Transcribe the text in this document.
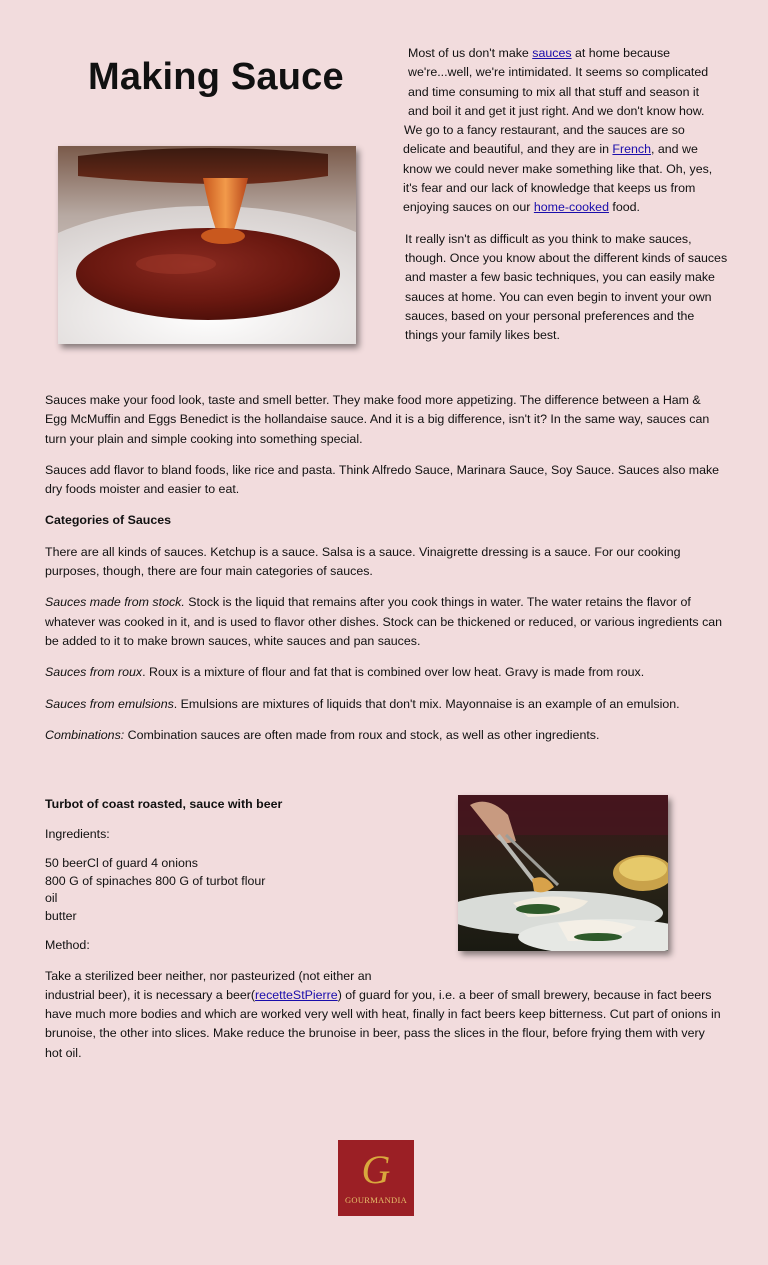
Making Sauce

Most of us don't make sauces at home because
we're...well, we're intimidated. It seems so complicated
and time consuming to mix all that stuff and season it
and boil it and get it just right. And we don't know how.
We go to a fancy restaurant, and the sauces are so
delicate and beautiful, and they are in French, and we
know we could never make something like that. Oh, yes,
it's fear and our lack of knowledge that keeps us from
enjoying sauces on our home-cooked food.

It really isn't as difficult as you think to make sauces, though. Once you know about the different kinds of sauces and master a few basic techniques, you can easily make sauces at home. You can even begin to invent your own sauces, based on your personal preferences and the things your family likes best.

Sauces make your food look, taste and smell better. They make food more appetizing. The difference between a Ham & Egg McMuffin and Eggs Benedict is the hollandaise sauce. And it is a big difference, isn't it? In the same way, sauces can turn your plain and simple cooking into something special.

Sauces add flavor to bland foods, like rice and pasta. Think Alfredo Sauce, Marinara Sauce, Soy Sauce. Sauces also make dry foods moister and easier to eat.

Categories of Sauces

There are all kinds of sauces. Ketchup is a sauce. Salsa is a sauce. Vinaigrette dressing is a sauce. For our cooking purposes, though, there are four main categories of sauces.

Sauces made from stock. Stock is the liquid that remains after you cook things in water. The water retains the flavor of whatever was cooked in it, and is used to flavor other dishes. Stock can be thickened or reduced, or various ingredients can be added to it to make brown sauces, white sauces and pan sauces.

Sauces from roux. Roux is a mixture of flour and fat that is combined over low heat. Gravy is made from roux.

Sauces from emulsions. Emulsions are mixtures of liquids that don't mix. Mayonnaise is an example of an emulsion.

Combinations: Combination sauces are often made from roux and stock, as well as other ingredients.

Turbot of coast roasted, sauce with beer

Ingredients:

50 beerCl of guard 4 onions
800 G of spinaches 800 G of turbot flour
oil
butter

Method:

Take a sterilized beer neither, nor pasteurized (not either an
industrial beer), it is necessary a beer(recetteStPierre) of guard for you, i.e. a beer of small brewery, because in fact beers have much more bodies and which are worked very well with heat, finally in fact beers keep bitterness. Cut part of onions in brunoise, the other into slices. Make reduce the brunoise in beer, pass the slices in the flour, before frying them with very hot oil.

G
GOURMANDIA
